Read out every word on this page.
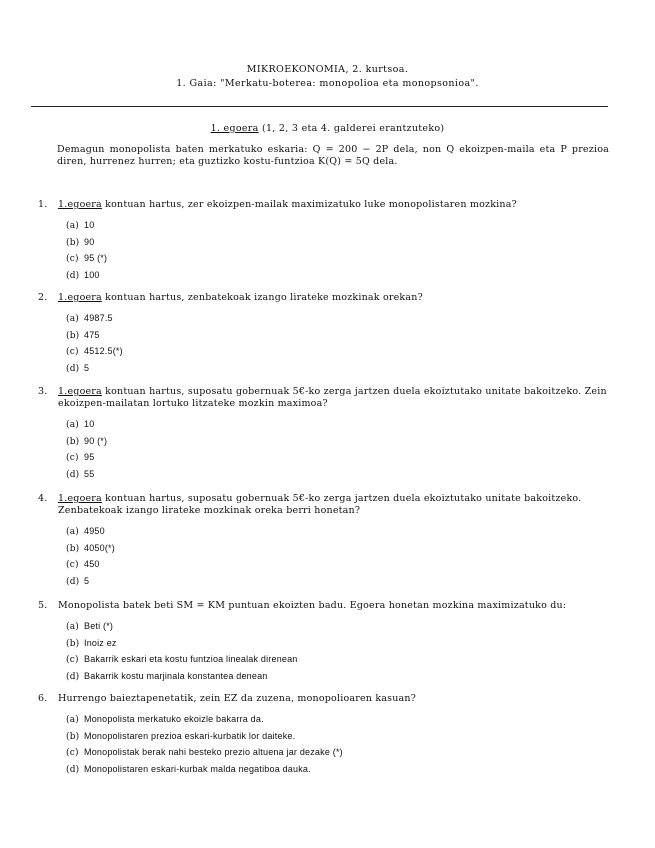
MIKROEKONOMIA, 2. kurtsoa.
1. Gaia: "Merkatu-boterea: monopolioa eta monopsonioa".
1. egoera (1, 2, 3 eta 4. galderei erantzuteko)
Demagun monopolista baten merkatuko eskaria: Q = 200 − 2P dela, non Q ekoizpen-maila eta P prezioa diren, hurrenez hurren; eta guztizko kostu-funtzioa K(Q) = 5Q dela.
1. 1.egoera kontuan hartus, zer ekoizpen-mailak maximizatuko luke monopolistaren mozkina?
(a) 10
(b) 90
(c) 95 (*)
(d) 100
2. 1.egoera kontuan hartus, zenbatekoak izango lirateke mozkinak orekan?
(a) 4987.5
(b) 475
(c) 4512.5(*)
(d) 5
3. 1.egoera kontuan hartus, suposatu gobernuak 5€-ko zerga jartzen duela ekoiztutako unitate bakoitzeko. Zein ekoizpen-mailatan lortuko litzateke mozkin maximoa?
(a) 10
(b) 90 (*)
(c) 95
(d) 55
4. 1.egoera kontuan hartus, suposatu gobernuak 5€-ko zerga jartzen duela ekoiztutako unitate bakoitzeko. Zenbatekoak izango lirateke mozkinak oreka berri honetan?
(a) 4950
(b) 4050(*)
(c) 450
(d) 5
5. Monopolista batek beti SM = KM puntuan ekoizten badu. Egoera honetan mozkina maximizatuko du:
(a) Beti (*)
(b) Inoiz ez
(c) Bakarrik eskari eta kostu funtzioa linealak direnean
(d) Bakarrik kostu marjinala konstantea denean
6. Hurrengo baieztapenetatik, zein EZ da zuzena, monopolioaren kasuan?
(a) Monopolista merkatuko ekoizle bakarra da.
(b) Monopolistaren prezioa eskari-kurbatik lor daiteke.
(c) Monopolistak berak nahi besteko prezio altuena jar dezake (*)
(d) Monopolistaren eskari-kurbak malda negatiboa dauka.
